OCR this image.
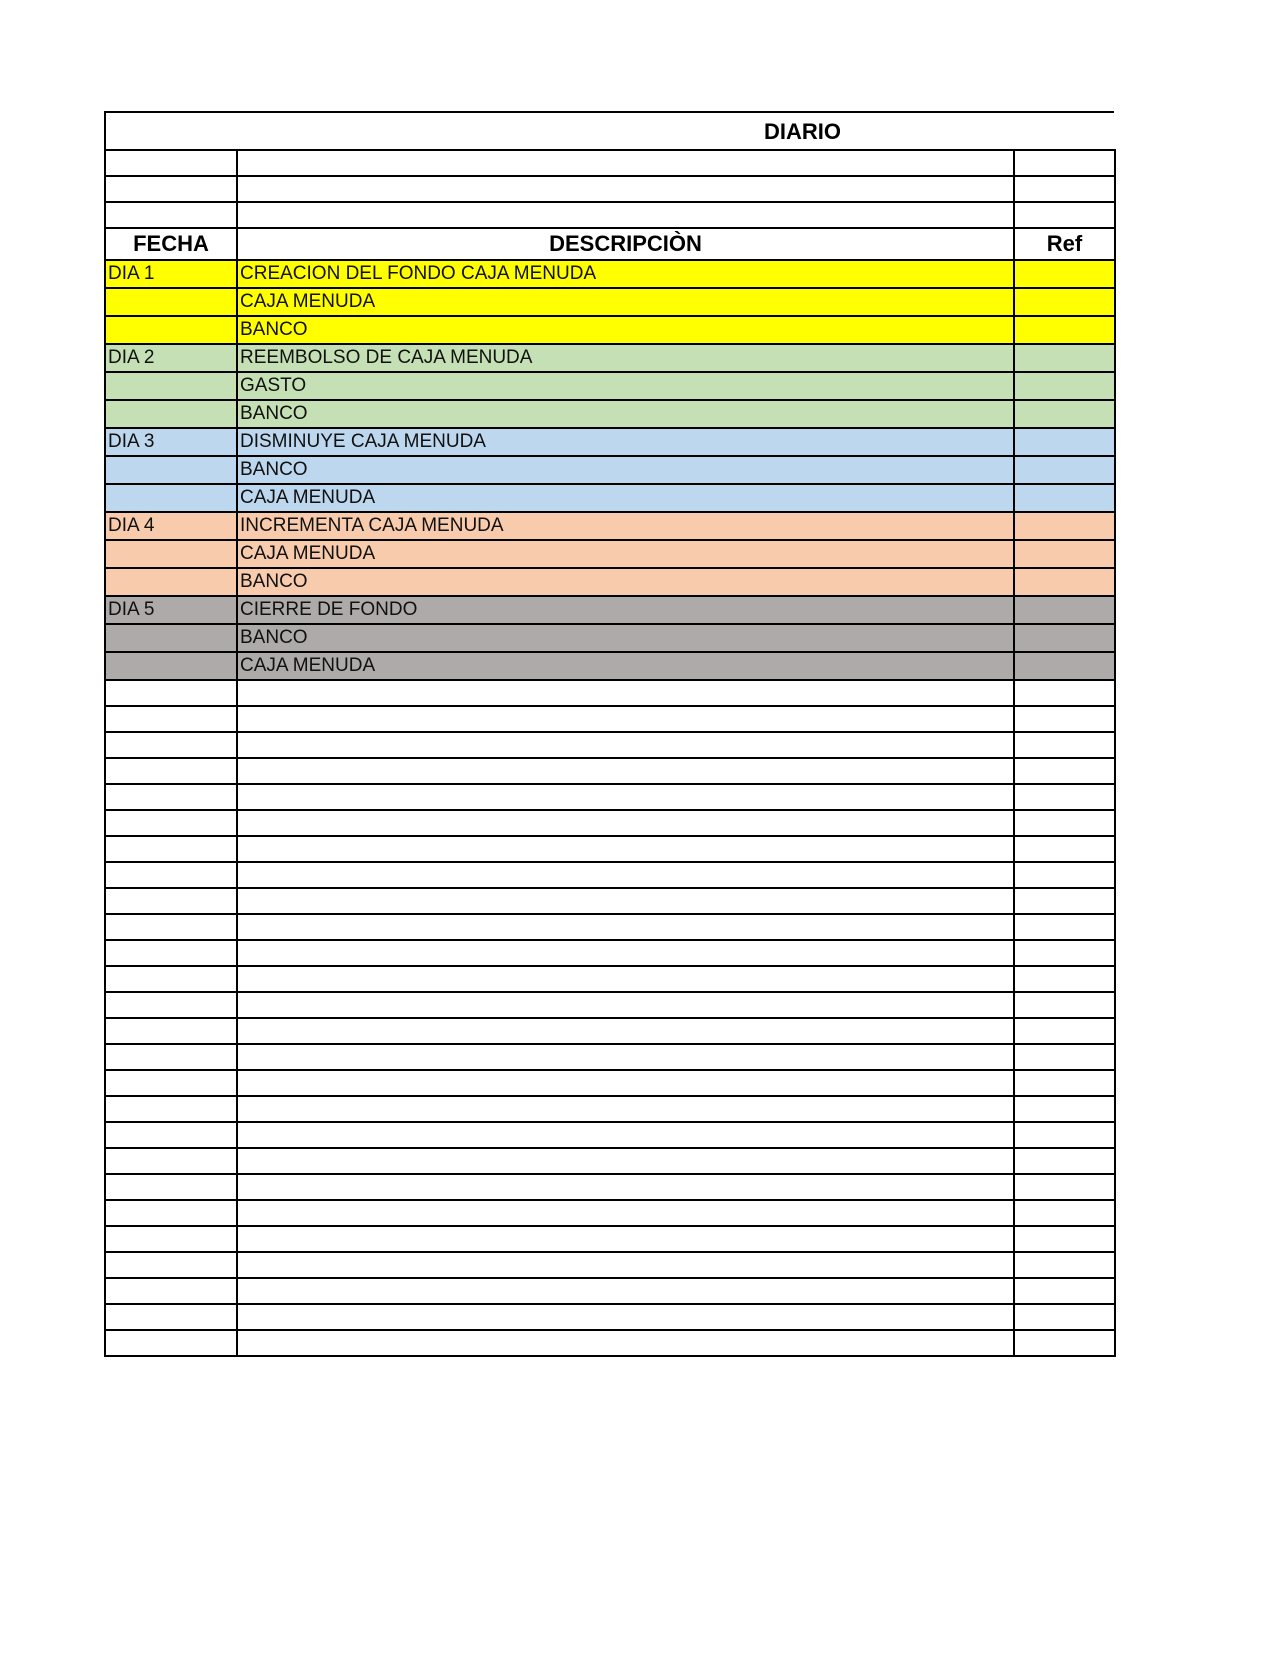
DIARIO

FECHA	DESCRIPCIÒN	Ref
DIA 1	CREACION DEL FONDO CAJA MENUDA	
	CAJA MENUDA	
	BANCO	
DIA 2	REEMBOLSO DE CAJA MENUDA	
	GASTO	
	BANCO	
DIA 3	DISMINUYE CAJA MENUDA	
	BANCO	
	CAJA MENUDA	
DIA 4	INCREMENTA CAJA MENUDA	
	CAJA MENUDA	
	BANCO	
DIA 5	CIERRE DE FONDO	
	BANCO	
	CAJA MENUDA	
